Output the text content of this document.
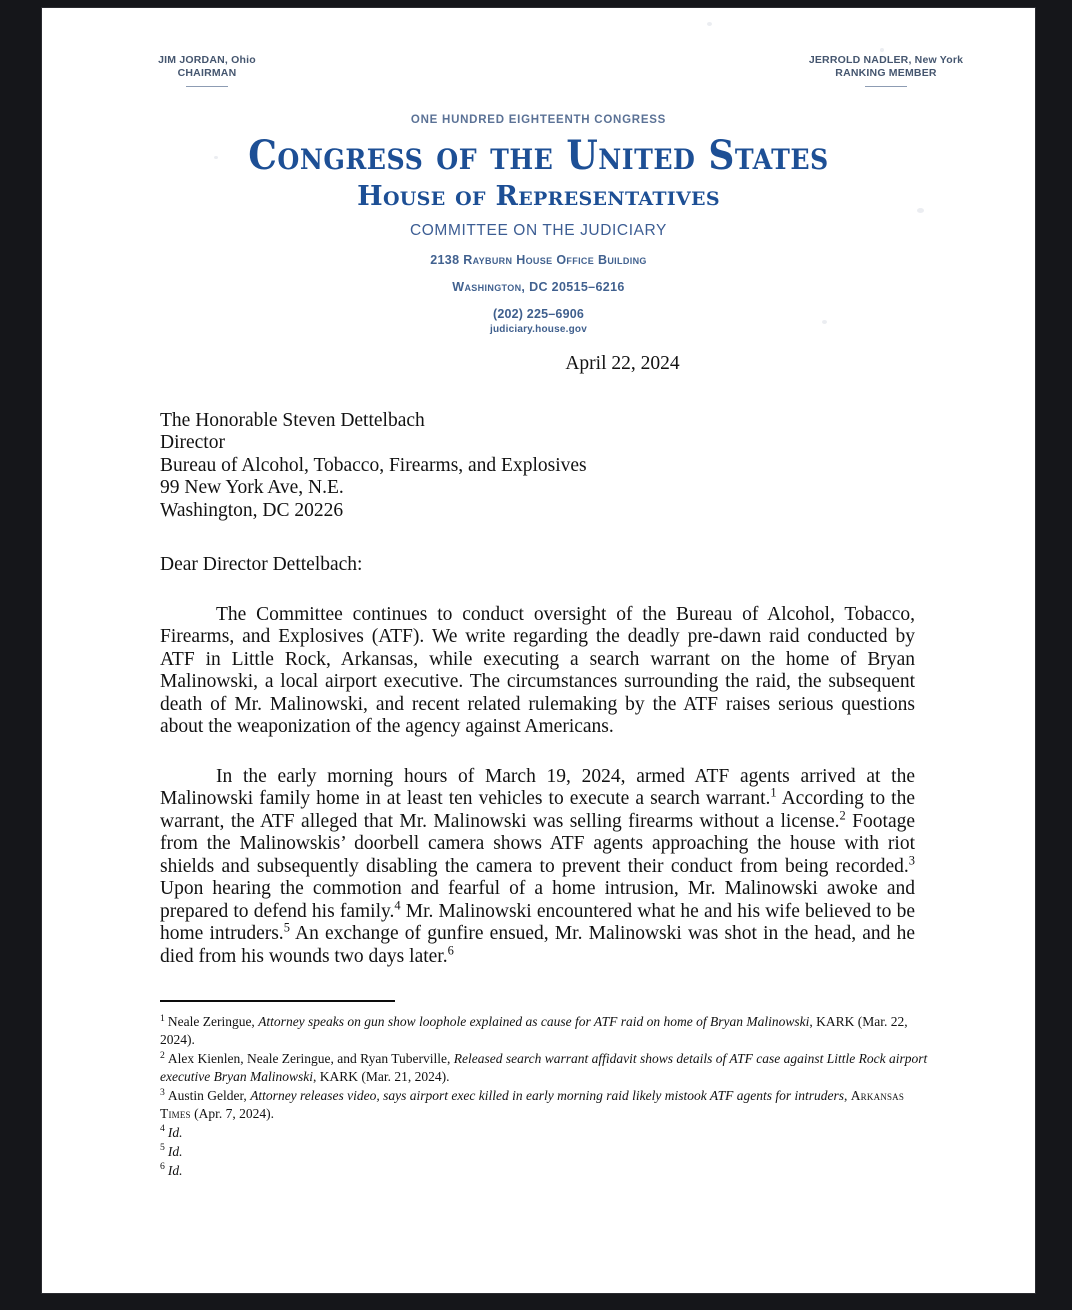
JIM JORDAN, Ohio
CHAIRMAN
JERROLD NADLER, New York
RANKING MEMBER
ONE HUNDRED EIGHTEENTH CONGRESS
Congress of the United States
House of Representatives
COMMITTEE ON THE JUDICIARY
2138 Rayburn House Office Building
Washington, DC 20515–6216
(202) 225–6906
judiciary.house.gov
April 22, 2024

The Honorable Steven Dettelbach

Director

Bureau of Alcohol, Tobacco, Firearms, and Explosives

99 New York Ave, N.E.

Washington, DC 20226

Dear Director Dettelbach:
The Committee continues to conduct oversight of the Bureau of Alcohol, Tobacco, Firearms, and Explosives (ATF). We write regarding the deadly pre-dawn raid conducted by ATF in Little Rock, Arkansas, while executing a search warrant on the home of Bryan Malinowski, a local airport executive. The circumstances surrounding the raid, the subsequent death of Mr. Malinowski, and recent related rulemaking by the ATF raises serious questions about the weaponization of the agency against Americans.
In the early morning hours of March 19, 2024, armed ATF agents arrived at the Malinowski family home in at least ten vehicles to execute a search warrant.$^1$ According to the warrant, the ATF alleged that Mr. Malinowski was selling firearms without a license.$^2$ Footage from the Malinowskis’ doorbell camera shows ATF agents approaching the house with riot shields and subsequently disabling the camera to prevent their conduct from being recorded.$^3$ Upon hearing the commotion and fearful of a home intrusion, Mr. Malinowski awoke and prepared to defend his family.$^4$ Mr. Malinowski encountered what he and his wife believed to be home intruders.$^5$ An exchange of gunfire ensued, Mr. Malinowski was shot in the head, and he died from his wounds two days later.$^6$

$^1$ Neale Zeringue, Attorney speaks on gun show loophole explained as cause for ATF raid on home of Bryan Malinowski, KARK (Mar. 22, 2024).

$^2$ Alex Kienlen, Neale Zeringue, and Ryan Tuberville, Released search warrant affidavit shows details of ATF case against Little Rock airport executive Bryan Malinowski, KARK (Mar. 21, 2024).

$^3$ Austin Gelder, Attorney releases video, says airport exec killed in early morning raid likely mistook ATF agents for intruders, Arkansas Times (Apr. 7, 2024).

$^4$ Id.

$^5$ Id.

$^6$ Id.
